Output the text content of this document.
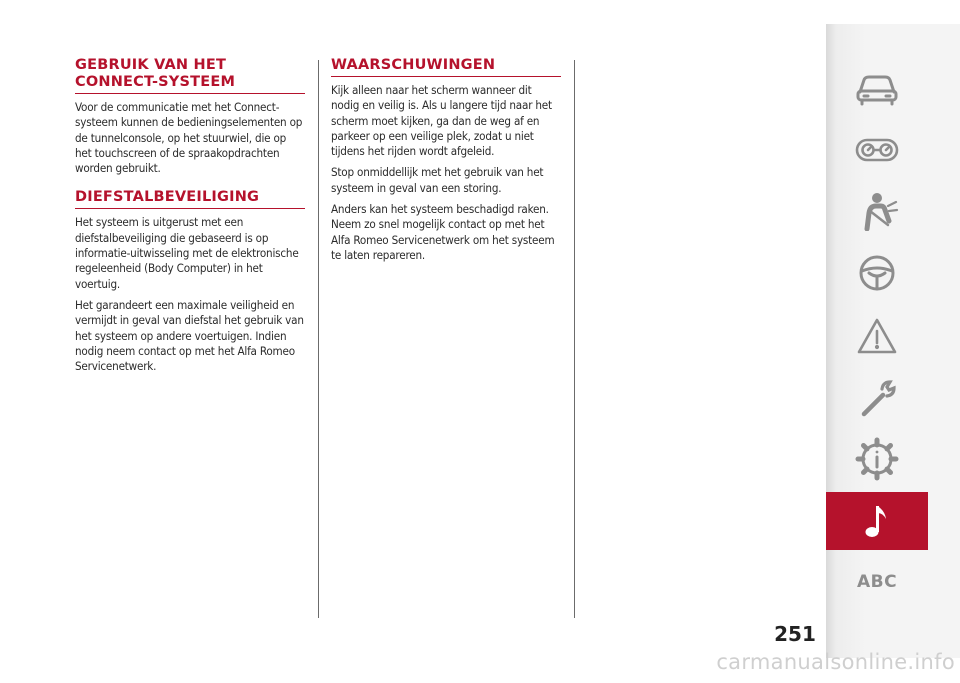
GEBRUIK VAN HET CONNECT-SYSTEEM

Voor de communicatie met het Connect-systeem kunnen de bedieningselementen op de tunnelconsole, op het stuurwiel, die op het touchscreen of de spraakopdrachten worden gebruikt.

DIEFSTALBEVEILIGING

Het systeem is uitgerust met een diefstalbeveiliging die gebaseerd is op informatie-uitwisseling met de elektronische regeleenheid (Body Computer) in het voertuig.

Het garandeert een maximale veiligheid en vermijdt in geval van diefstal het gebruik van het systeem op andere voertuigen. Indien nodig neem contact op met het Alfa Romeo Servicenetwerk.

WAARSCHUWINGEN

Kijk alleen naar het scherm wanneer dit nodig en veilig is. Als u langere tijd naar het scherm moet kijken, ga dan de weg af en parkeer op een veilige plek, zodat u niet tijdens het rijden wordt afgeleid.

Stop onmiddellijk met het gebruik van het systeem in geval van een storing.

Anders kan het systeem beschadigd raken. Neem zo snel mogelijk contact op met het Alfa Romeo Servicenetwerk om het systeem te laten repareren.

ABC
251
carmanualsonline.info
